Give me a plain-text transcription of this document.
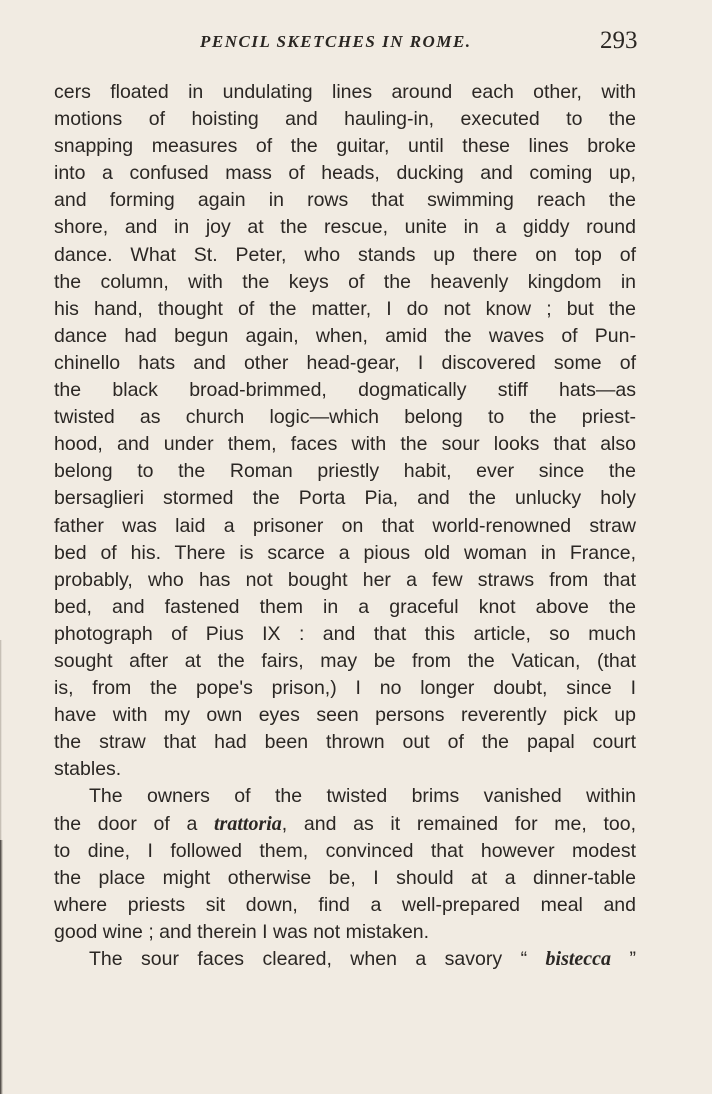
PENCIL SKETCHES IN ROME.	293
cers floated in undulating lines around each other, with
motions of hoisting and hauling-in, executed to the
snapping measures of the guitar, until these lines broke
into a confused mass of heads, ducking and coming up,
and forming again in rows that swimming reach the
shore, and in joy at the rescue, unite in a giddy round
dance. What St. Peter, who stands up there on top of
the column, with the keys of the heavenly kingdom in
his hand, thought of the matter, I do not know ; but the
dance had begun again, when, amid the waves of Pun-
chinello hats and other head-gear, I discovered some of
the black broad-brimmed, dogmatically stiff hats—as
twisted as church logic—which belong to the priest-
hood, and under them, faces with the sour looks that also
belong to the Roman priestly habit, ever since the
bersaglieri stormed the Porta Pia, and the unlucky holy
father was laid a prisoner on that world-renowned straw
bed of his. There is scarce a pious old woman in France,
probably, who has not bought her a few straws from that
bed, and fastened them in a graceful knot above the
photograph of Pius IX : and that this article, so much
sought after at the fairs, may be from the Vatican, (that
is, from the pope's prison,) I no longer doubt, since I
have with my own eyes seen persons reverently pick up
the straw that had been thrown out of the papal court
stables.
The owners of the twisted brims vanished within
the door of a trattoria, and as it remained for me, too,
to dine, I followed them, convinced that however modest
the place might otherwise be, I should at a dinner-table
where priests sit down, find a well-prepared meal and
good wine ; and therein I was not mistaken.
The sour faces cleared, when a savory “ bistecca ”
